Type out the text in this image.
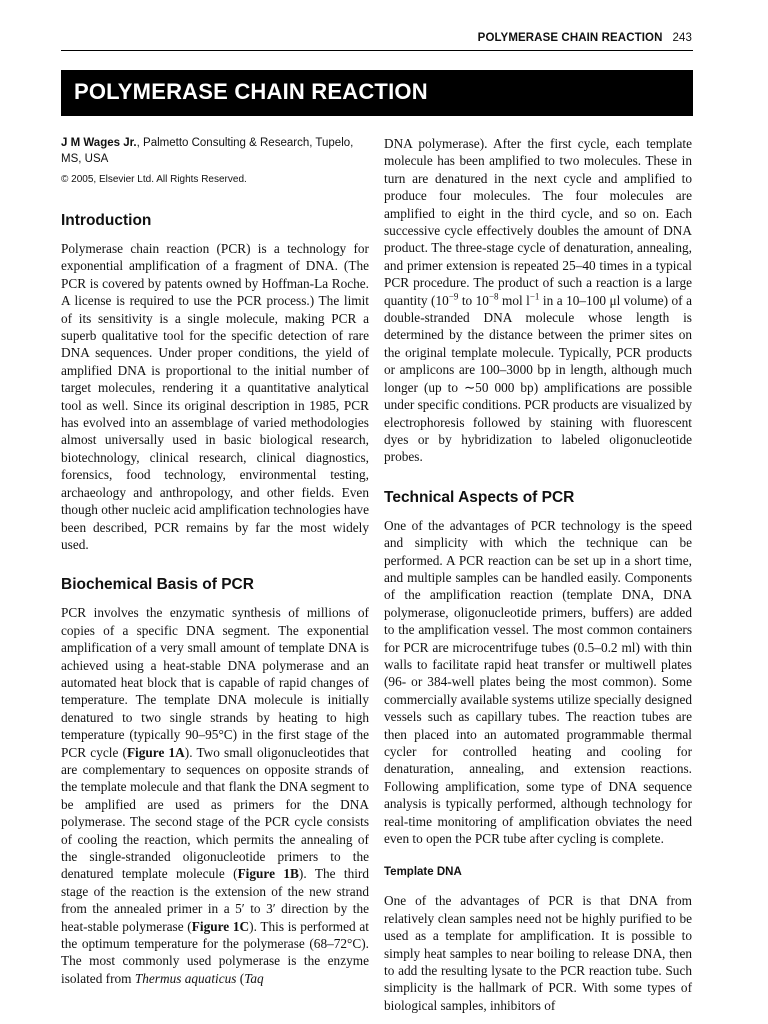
POLYMERASE CHAIN REACTION 243
POLYMERASE CHAIN REACTION

J M Wages Jr., Palmetto Consulting & Research, Tupelo, MS, USA

© 2005, Elsevier Ltd. All Rights Reserved.

Introduction

Polymerase chain reaction (PCR) is a technology for exponential amplification of a fragment of DNA. (The PCR is covered by patents owned by Hoffman-La Roche. A license is required to use the PCR process.) The limit of its sensitivity is a single molecule, making PCR a superb qualitative tool for the specific detection of rare DNA sequences. Under proper conditions, the yield of amplified DNA is proportional to the initial number of target molecules, rendering it a quantitative analytical tool as well. Since its original description in 1985, PCR has evolved into an assemblage of varied methodologies almost universally used in basic biological research, biotechnology, clinical research, clinical diagnostics, forensics, food technology, environmental testing, archaeology and anthropology, and other fields. Even though other nucleic acid amplification technologies have been described, PCR remains by far the most widely used.

Biochemical Basis of PCR

PCR involves the enzymatic synthesis of millions of copies of a specific DNA segment. The exponential amplification of a very small amount of template DNA is achieved using a heat-stable DNA polymerase and an automated heat block that is capable of rapid changes of temperature. The template DNA molecule is initially denatured to two single strands by heating to high temperature (typically 90–95°C) in the first stage of the PCR cycle (Figure 1A). Two small oligonucleotides that are complementary to sequences on opposite strands of the template molecule and that flank the DNA segment to be amplified are used as primers for the DNA polymerase. The second stage of the PCR cycle consists of cooling the reaction, which permits the annealing of the single-stranded oligonucleotide primers to the denatured template molecule (Figure 1B). The third stage of the reaction is the extension of the new strand from the annealed primer in a 5′ to 3′ direction by the heat-stable polymerase (Figure 1C). This is performed at the optimum temperature for the polymerase (68–72°C). The most commonly used polymerase is the enzyme isolated from Thermus aquaticus (Taq

DNA polymerase). After the first cycle, each template molecule has been amplified to two molecules. These in turn are denatured in the next cycle and amplified to produce four molecules. The four molecules are amplified to eight in the third cycle, and so on. Each successive cycle effectively doubles the amount of DNA product. The three-stage cycle of denaturation, annealing, and primer extension is repeated 25–40 times in a typical PCR procedure. The product of such a reaction is a large quantity ($10^{-9}$ to $10^{-8}$ mol $l^{-1}$ in a 10–100 μl volume) of a double-stranded DNA molecule whose length is determined by the distance between the primer sites on the original template molecule. Typically, PCR products or amplicons are 100–3000 bp in length, although much longer (up to ∼50 000 bp) amplifications are possible under specific conditions. PCR products are visualized by electrophoresis followed by staining with fluorescent dyes or by hybridization to labeled oligonucleotide probes.

Technical Aspects of PCR

One of the advantages of PCR technology is the speed and simplicity with which the technique can be performed. A PCR reaction can be set up in a short time, and multiple samples can be handled easily. Components of the amplification reaction (template DNA, DNA polymerase, oligonucleotide primers, buffers) are added to the amplification vessel. The most common containers for PCR are microcentrifuge tubes (0.5–0.2 ml) with thin walls to facilitate rapid heat transfer or multiwell plates (96- or 384-well plates being the most common). Some commercially available systems utilize specially designed vessels such as capillary tubes. The reaction tubes are then placed into an automated programmable thermal cycler for controlled heating and cooling for denaturation, annealing, and extension reactions. Following amplification, some type of DNA sequence analysis is typically performed, although technology for real-time monitoring of amplification obviates the need even to open the PCR tube after cycling is complete.

Template DNA

One of the advantages of PCR is that DNA from relatively clean samples need not be highly purified to be used as a template for amplification. It is possible to simply heat samples to near boiling to release DNA, then to add the resulting lysate to the PCR reaction tube. Such simplicity is the hallmark of PCR. With some types of biological samples, inhibitors of
